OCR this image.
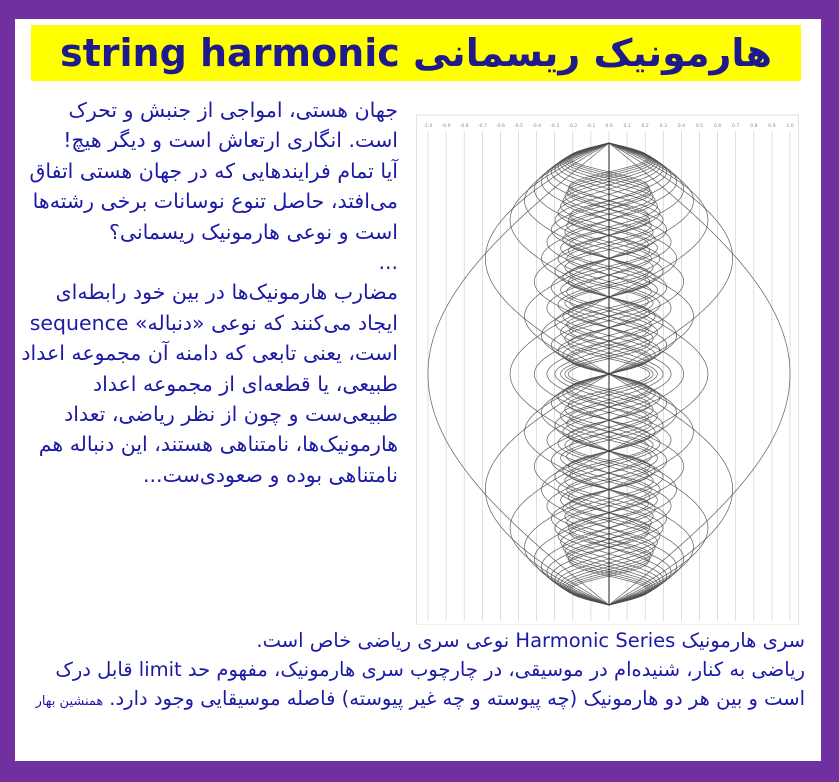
هارمونیک ریسمانی string harmonic

جهان هستی، امواجی از جنبش و تحرک است. انگاری ارتعاش است و دیگر هیچ!

آیا تمام فرایندهایی که در جهان هستی اتفاق می‌افتد، حاصل تنوع نوسانات برخی رشته‌ها است و نوعی هارمونیک ریسمانی؟

...

مضارب هارمونیک‌ها در بین خود رابطه‌ای ایجاد می‌کنند که نوعی «دنباله» sequence است، یعنی تابعی که دامنه آن مجموعه اعداد طبیعی، یا قطعه‌ای از مجموعه اعداد طبیعی‌ست و چون از نظر ریاضی، تعداد هارمونیک‌ها، نامتناهی هستند، این دنباله هم نامتناهی بوده و صعودی‌ست...

-1.0 -0.9 -0.8 -0.7 -0.6 -0.5 -0.4 -0.3 -0.2 -0.1 0.0 0.1 0.2 0.3 0.4 0.5 0.6 0.7 0.8 0.9 1.0

سری هارمونیک Harmonic Series نوعی سری ریاضی خاص است.

ریاضی به کنار، شنیده‌ام در موسیقی، در چارچوب سری هارمونیک، مفهوم حد limit قابل درک است و بین هر دو هارمونیک (چه پیوسته و چه غیر پیوسته) فاصله موسیقایی وجود دارد.همنشین بهار
